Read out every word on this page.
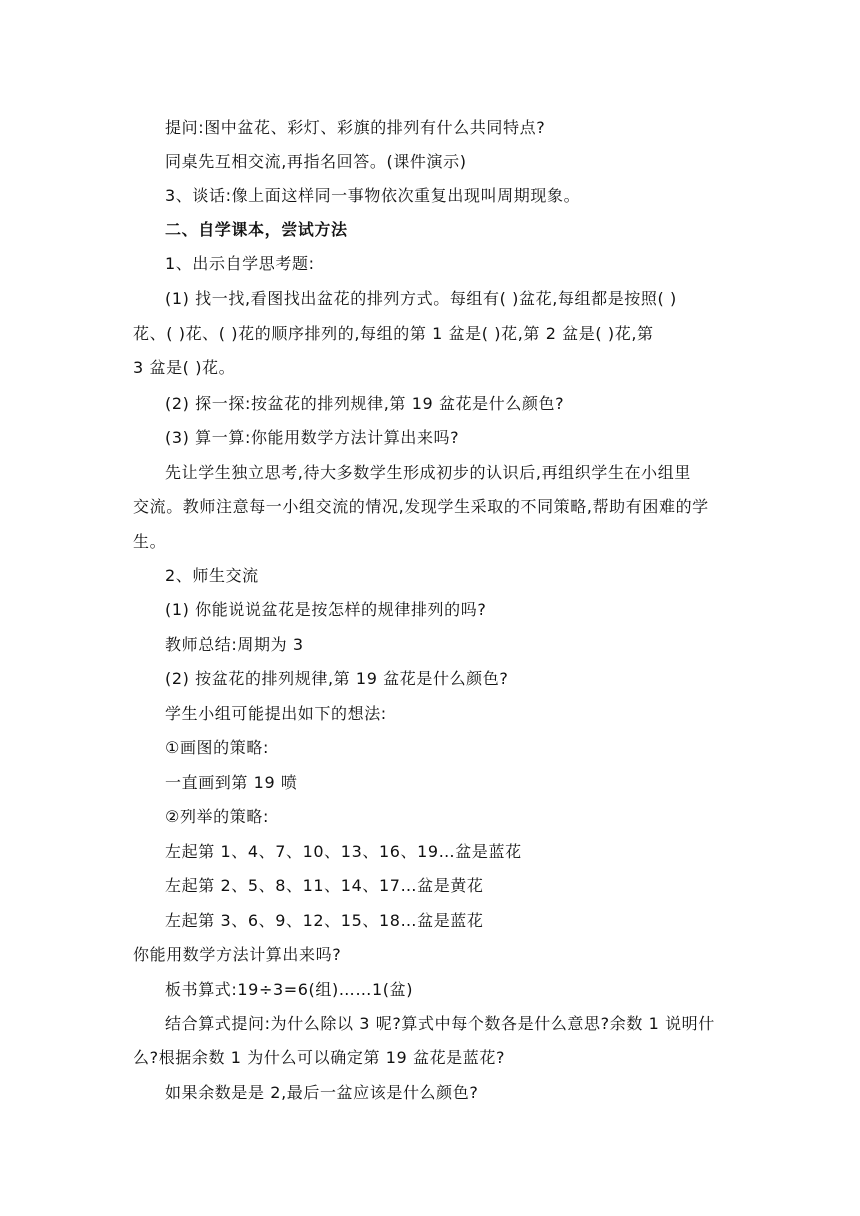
提问:图中盆花、彩灯、彩旗的排列有什么共同特点?
同桌先互相交流,再指名回答。(课件演示)
3、谈话:像上面这样同一事物依次重复出现叫周期现象。
二、自学课本，尝试方法
1、出示自学思考题:
(1) 找一找,看图找出盆花的排列方式。每组有( )盆花,每组都是按照( )
花、( )花、( )花的顺序排列的,每组的第 1 盆是( )花,第 2 盆是( )花,第
3 盆是( )花。
(2) 探一探:按盆花的排列规律,第 19 盆花是什么颜色?
(3) 算一算:你能用数学方法计算出来吗?
先让学生独立思考,待大多数学生形成初步的认识后,再组织学生在小组里
交流。教师注意每一小组交流的情况,发现学生采取的不同策略,帮助有困难的学
生。
2、师生交流
(1) 你能说说盆花是按怎样的规律排列的吗?
教师总结:周期为 3
(2) 按盆花的排列规律,第 19 盆花是什么颜色?
学生小组可能提出如下的想法:
①画图的策略:
一直画到第 19 喷
②列举的策略:
左起第 1、4、7、10、13、16、19…盆是蓝花
左起第 2、5、8、11、14、17…盆是黄花
左起第 3、6、9、12、15、18…盆是蓝花
你能用数学方法计算出来吗?
板书算式:19÷3=6(组)……1(盆)
结合算式提问:为什么除以 3 呢?算式中每个数各是什么意思?余数 1 说明什
么?根据余数 1 为什么可以确定第 19 盆花是蓝花?
如果余数是是 2,最后一盆应该是什么颜色?
